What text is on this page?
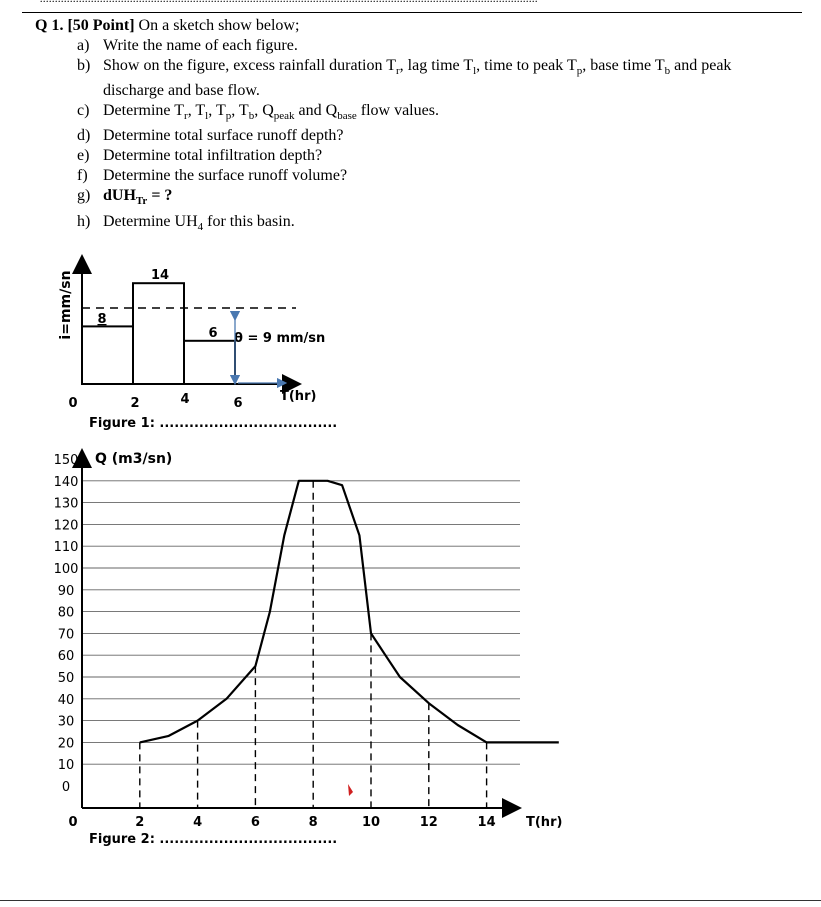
Q 1. [50 Point] On a sketch show below;
a) Write the name of each figure.
b) Show on the figure, excess rainfall duration $T_r$, lag time $T_l$, time to peak $T_p$, base time $T_b$ and peak discharge and base flow.
c) Determine $T_r$, $T_l$, $T_p$, $T_b$, $Q_{peak}$ and $Q_{base}$ flow values.
d) Determine total surface runoff depth?
e) Determine total infiltration depth?
f) Determine the surface runoff volume?
g) dUH$_{Tr}$ = ?
h) Determine $UH_4$ for this basin.
i=mm/sn 8
14
6 θ = 9 mm/sn
0	2	4	6	T(hr)
Figure 1: ....................................
150
140
130
120
110
100
90
80
70
60
50
40
30
20
10
0
0	2	4	6	8	10	12	14
Q (m3/sn)
T(hr)
Figure 2: ....................................
